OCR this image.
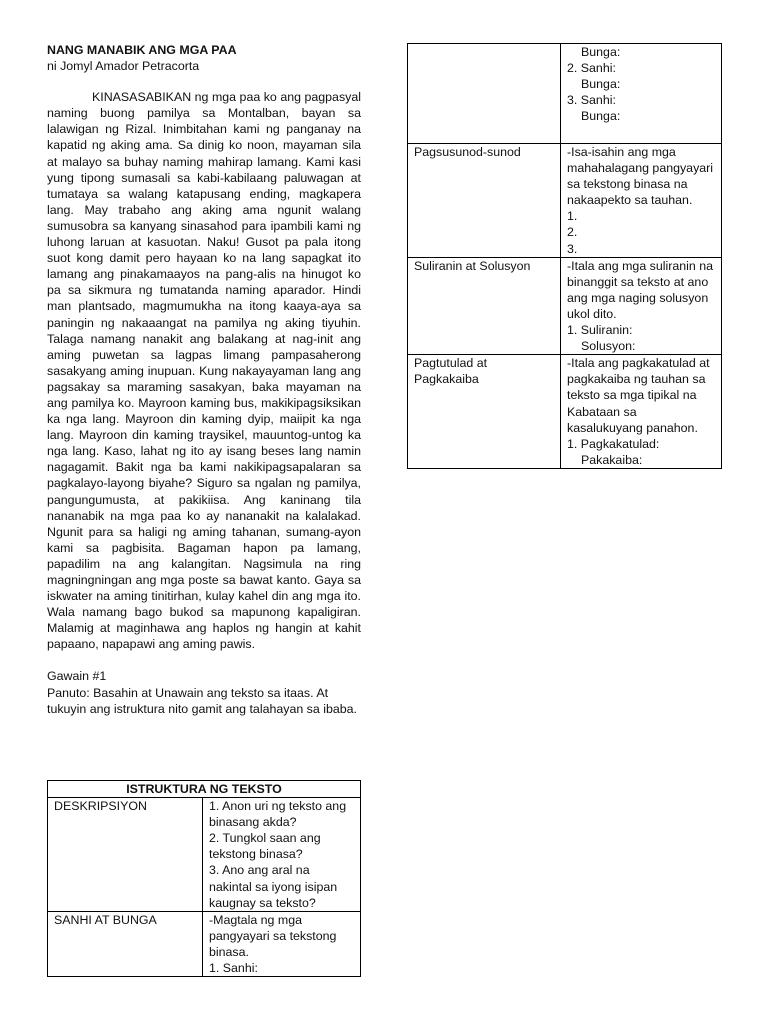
NANG MANABIK ANG MGA PAA

ni Jomyl Amador Petracorta

KINASASABIKAN ng mga paa ko ang pagpasyal naming buong pamilya sa Montalban, bayan sa lalawigan ng Rizal. Inimbitahan kami ng panganay na kapatid ng aking ama. Sa dinig ko noon, mayaman sila at malayo sa buhay naming mahirap lamang. Kami kasi yung tipong sumasali sa kabi-kabilaang paluwagan at tumataya sa walang katapusang ending, magkapera lang. May trabaho ang aking ama ngunit walang sumusobra sa kanyang sinasahod para ipambili kami ng luhong laruan at kasuotan. Naku! Gusot pa pala itong suot kong damit pero hayaan ko na lang sapagkat ito lamang ang pinakamaayos na pang-alis na hinugot ko pa sa sikmura ng tumatanda naming aparador. Hindi man plantsado, magmumukha na itong kaaya-aya sa paningin ng nakaaangat na pamilya ng aking tiyuhin. Talaga namang nanakit ang balakang at nag-init ang aming puwetan sa lagpas limang pampasaherong sasakyang aming inupuan. Kung nakayayaman lang ang pagsakay sa maraming sasakyan, baka mayaman na ang pamilya ko. Mayroon kaming bus, makikipagsiksikan ka nga lang. Mayroon din kaming dyip, maiipit ka nga lang. Mayroon din kaming traysikel, mauuntog-untog ka nga lang. Kaso, lahat ng ito ay isang beses lang namin nagagamit. Bakit nga ba kami nakikipagsapalaran sa pagkalayo-layong biyahe? Siguro sa ngalan ng pamilya, pangungumusta, at pakikiisa. Ang kaninang tila nananabik na mga paa ko ay nananakit na kalalakad. Ngunit para sa haligi ng aming tahanan, sumang-ayon kami sa pagbisita. Bagaman hapon pa lamang, papadilim na ang kalangitan. Nagsimula na ring magningningan ang mga poste sa bawat kanto. Gaya sa iskwater na aming tinitirhan, kulay kahel din ang mga ito. Wala namang bago bukod sa mapunong kapaligiran. Malamig at maginhawa ang haplos ng hangin at kahit papaano, napapawi ang aming pawis.

Gawain #1

Panuto: Basahin at Unawain ang teksto sa itaas. At tukuyin ang istruktura nito gamit ang talahayan sa ibaba.

ISTRUKTURA NG TEKSTO	
DESKRIPSIYON	1. Anon uri ng teksto ang binasang akda?
2. Tungkol saan ang tekstong binasa?
3. Ano ang aral na nakintal sa iyong isipan kaugnay sa teksto?

SANHI AT BUNGA	-Magtala ng mga pangyayari sa tekstong binasa.
1. Sanhi:

	Bunga:
2. Sanhi:
Bunga:
3. Sanhi:
Bunga:

Pagsusunod-sunod	-Isa-isahin ang mga mahahalagang pangyayari sa tekstong binasa na nakaapekto sa tauhan.
1.
2.
3.

Suliranin at Solusyon	-Itala ang mga suliranin na binanggit sa teksto at ano ang mga naging solusyon ukol dito.
1. Suliranin:
Solusyon:

Pagtutulad at Pagkakaiba	-Itala ang pagkakatulad at pagkakaiba ng tauhan sa teksto sa mga tipikal na Kabataan sa kasalukuyang panahon.
1. Pagkakatulad:
Pakakaiba:
